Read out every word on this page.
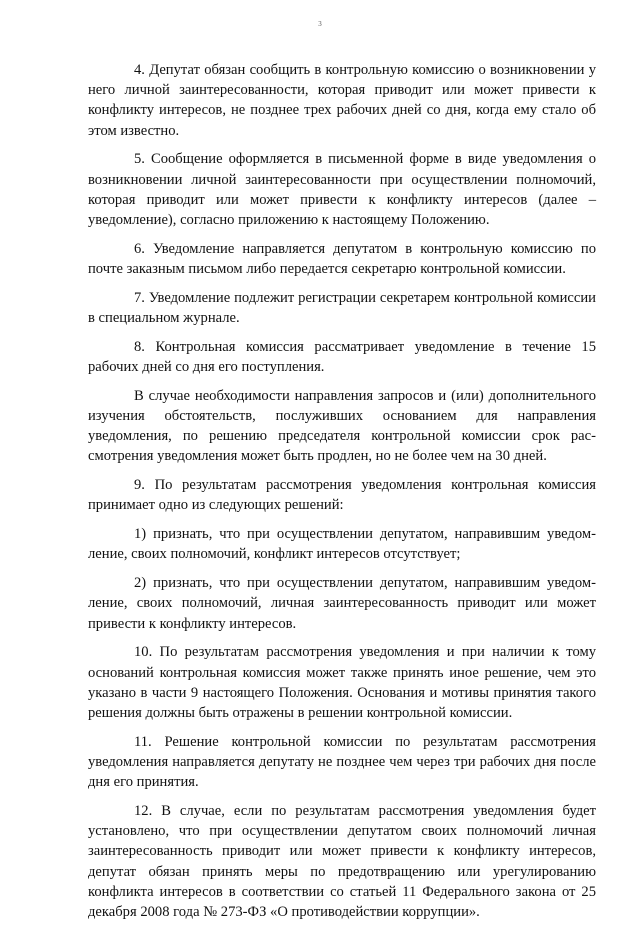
3

4. Депутат обязан сообщить в контрольную комиссию о возникновении у него личной заинтересованности, которая приводит или может привести к конфликту интересов, не позднее трех рабочих дней со дня, когда ему стало об этом известно.

5. Сообщение оформляется в письменной форме в виде уведомления о возникновении личной заинтересованности при осуществлении полномочий, которая приводит или может привести к конфликту интересов (далее – уведомление), согласно приложению к настоящему Положению.

6. Уведомление направляется депутатом в контрольную комиссию по почте заказным письмом либо передается секретарю контрольной комиссии.

7. Уведомление подлежит регистрации секретарем контрольной комиссии в специальном журнале.

8. Контрольная комиссия рассматривает уведомление в течение 15 рабочих дней со дня его поступления.

В случае необходимости направления запросов и (или) дополнительного изучения обстоятельств, послуживших основанием для направления уведомления, по решению председателя контрольной комиссии срок рассмотрения уведомления может быть продлен, но не более чем на 30 дней.

9. По результатам рассмотрения уведомления контрольная комиссия принимает одно из следующих решений:

1) признать, что при осуществлении депутатом, направившим уведомление, своих полномочий, конфликт интересов отсутствует;

2) признать, что при осуществлении депутатом, направившим уведомление, своих полномочий, личная заинтересованность приводит или может привести к конфликту интересов.

10. По результатам рассмотрения уведомления и при наличии к тому оснований контрольная комиссия может также принять иное решение, чем это указано в части 9 настоящего Положения. Основания и мотивы принятия такого решения должны быть отражены в решении контрольной комиссии.

11. Решение контрольной комиссии по результатам рассмотрения уведомления направляется депутату не позднее чем через три рабочих дня после дня его принятия.

12. В случае, если по результатам рассмотрения уведомления будет установлено, что при осуществлении депутатом своих полномочий личная заинтересованность приводит или может привести к конфликту интересов, депутат обязан принять меры по предотвращению или урегулированию конфликта интересов в соответствии со статьей 11 Федерального закона от 25 декабря 2008 года № 273-ФЗ «О противодействии коррупции».
